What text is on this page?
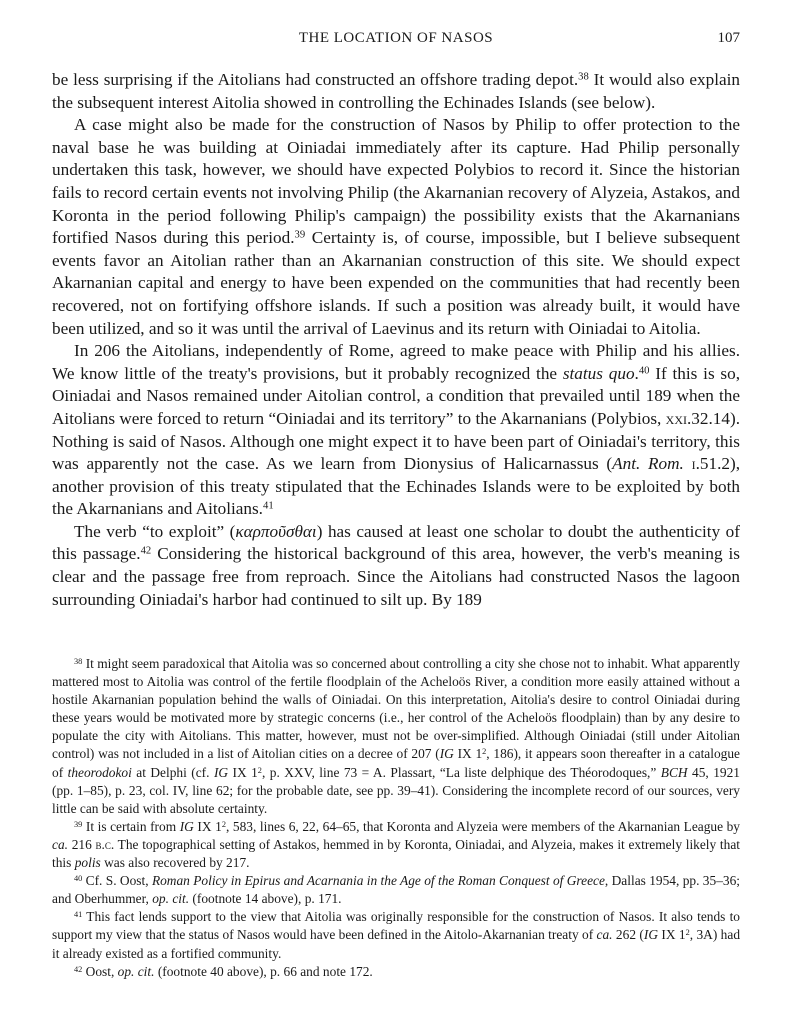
THE LOCATION OF NASOS	107

be less surprising if the Aitolians had constructed an offshore trading depot.$^{38}$ It would also explain the subsequent interest Aitolia showed in controlling the Echinades Islands (see below).

A case might also be made for the construction of Nasos by Philip to offer protection to the naval base he was building at Oiniadai immediately after its capture. Had Philip personally undertaken this task, however, we should have expected Polybios to record it. Since the historian fails to record certain events not involving Philip (the Akarnanian recovery of Alyzeia, Astakos, and Koronta in the period following Philip's campaign) the possibility exists that the Akarnanians fortified Nasos during this period.$^{39}$ Certainty is, of course, impossible, but I believe subsequent events favor an Aitolian rather than an Akarnanian construction of this site. We should expect Akarnanian capital and energy to have been expended on the communities that had recently been recovered, not on fortifying offshore islands. If such a position was already built, it would have been utilized, and so it was until the arrival of Laevinus and its return with Oiniadai to Aitolia.

In 206 the Aitolians, independently of Rome, agreed to make peace with Philip and his allies. We know little of the treaty's provisions, but it probably recognized the status quo.$^{40}$ If this is so, Oiniadai and Nasos remained under Aitolian control, a condition that prevailed until 189 when the Aitolians were forced to return “Oiniadai and its territory” to the Akarnanians (Polybios, xxi.32.14). Nothing is said of Nasos. Although one might expect it to have been part of Oiniadai's territory, this was apparently not the case. As we learn from Dionysius of Halicarnassus (Ant. Rom. i.51.2), another provision of this treaty stipulated that the Echinades Islands were to be exploited by both the Akarnanians and Aitolians.$^{41}$

The verb “to exploit” (καρποῦσθαι) has caused at least one scholar to doubt the authenticity of this passage.$^{42}$ Considering the historical background of this area, however, the verb's meaning is clear and the passage free from reproach. Since the Aitolians had constructed Nasos the lagoon surrounding Oiniadai's harbor had continued to silt up. By 189

$^{38}$ It might seem paradoxical that Aitolia was so concerned about controlling a city she chose not to inhabit. What apparently mattered most to Aitolia was control of the fertile floodplain of the Acheloös River, a condition more easily attained without a hostile Akarnanian population behind the walls of Oiniadai. On this interpretation, Aitolia's desire to control Oiniadai during these years would be motivated more by strategic concerns (i.e., her control of the Acheloös floodplain) than by any desire to populate the city with Aitolians. This matter, however, must not be over-simplified. Although Oiniadai (still under Aitolian control) was not included in a list of Aitolian cities on a decree of 207 (IG IX $1^2$, 186), it appears soon thereafter in a catalogue of theorodokoi at Delphi (cf. IG IX $1^2$, p. XXV, line 73 = A. Plassart, “La liste delphique des Théorodoques,” BCH 45, 1921 (pp. 1–85), p. 23, col. IV, line 62; for the probable date, see pp. 39–41). Considering the incomplete record of our sources, very little can be said with absolute certainty.

$^{39}$ It is certain from IG IX $1^2$, 583, lines 6, 22, 64–65, that Koronta and Alyzeia were members of the Akarnanian League by ca. 216 b.c. The topographical setting of Astakos, hemmed in by Koronta, Oiniadai, and Alyzeia, makes it extremely likely that this polis was also recovered by 217.

$^{40}$ Cf. S. Oost, Roman Policy in Epirus and Acarnania in the Age of the Roman Conquest of Greece, Dallas 1954, pp. 35–36; and Oberhummer, op. cit. (footnote 14 above), p. 171.

$^{41}$ This fact lends support to the view that Aitolia was originally responsible for the construction of Nasos. It also tends to support my view that the status of Nasos would have been defined in the Aitolo-Akarnanian treaty of ca. 262 (IG IX $1^2$, 3A) had it already existed as a fortified community.

$^{42}$ Oost, op. cit. (footnote 40 above), p. 66 and note 172.
